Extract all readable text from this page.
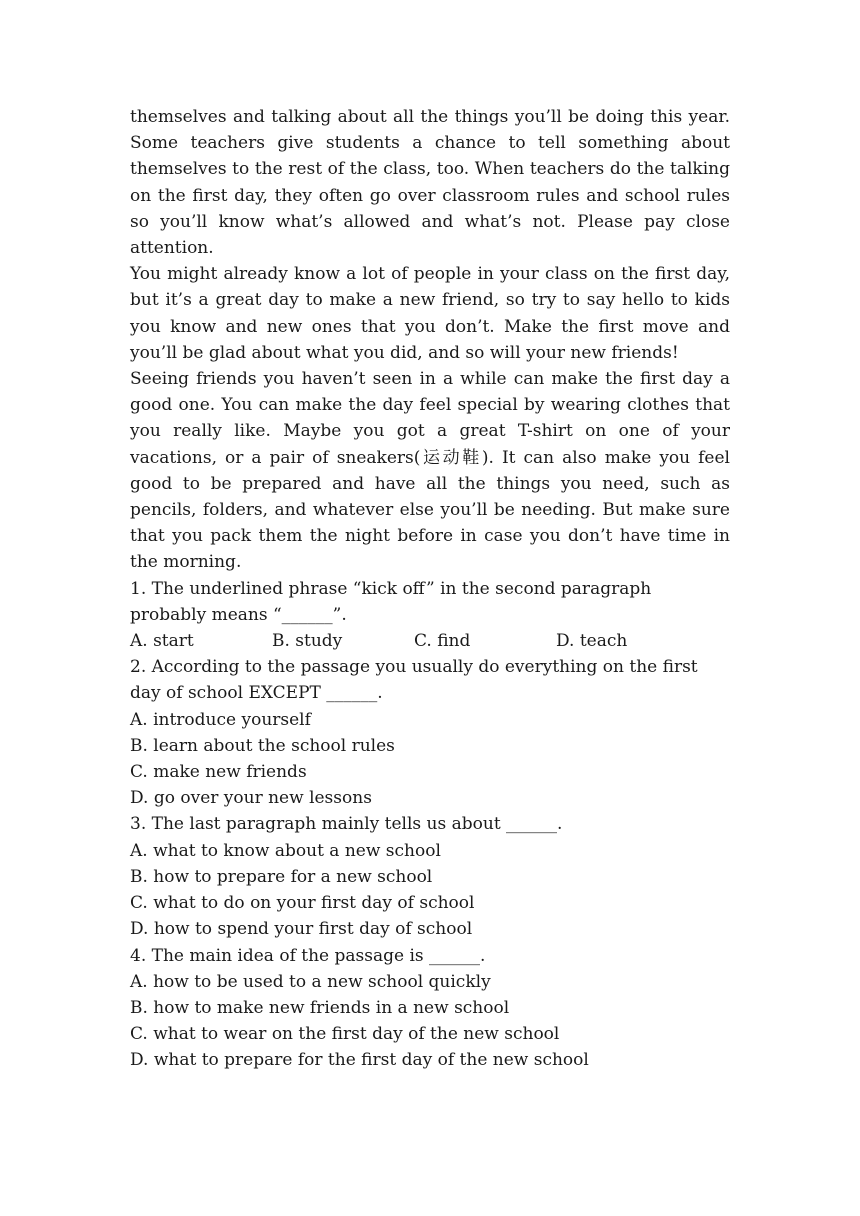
themselves and talking about all the things you’ll be doing this year. Some teachers give students a chance to tell something about themselves to the rest of the class, too. When teachers do the talking on the first day, they often go over classroom rules and school rules so you’ll know what’s allowed and what’s not. Please pay close attention.

You might already know a lot of people in your class on the first day, but it’s a great day to make a new friend, so try to say hello to kids you know and new ones that you don’t. Make the first move and you’ll be glad about what you did, and so will your new friends!

Seeing friends you haven’t seen in a while can make the first day a good one. You can make the day feel special by wearing clothes that you really like. Maybe you got a great T-shirt on one of your vacations, or a pair of sneakers(运动鞋). It can also make you feel good to be prepared and have all the things you need, such as pencils, folders, and whatever else you’ll be needing. But make sure that you pack them the night before in case you don’t have time in the morning.

1. The underlined phrase “kick off” in the second paragraph probably means “______”.

A. start	B. study	C. find	D. teach

2. According to the passage you usually do everything on the first day of school EXCEPT ______.

A. introduce yourself

B. learn about the school rules

C. make new friends

D. go over your new lessons

3. The last paragraph mainly tells us about ______.

A. what to know about a new school

B. how to prepare for a new school

C. what to do on your first day of school

D. how to spend your first day of school

4. The main idea of the passage is ______.

A. how to be used to a new school quickly

B. how to make new friends in a new school

C. what to wear on the first day of the new school

D. what to prepare for the first day of the new school
